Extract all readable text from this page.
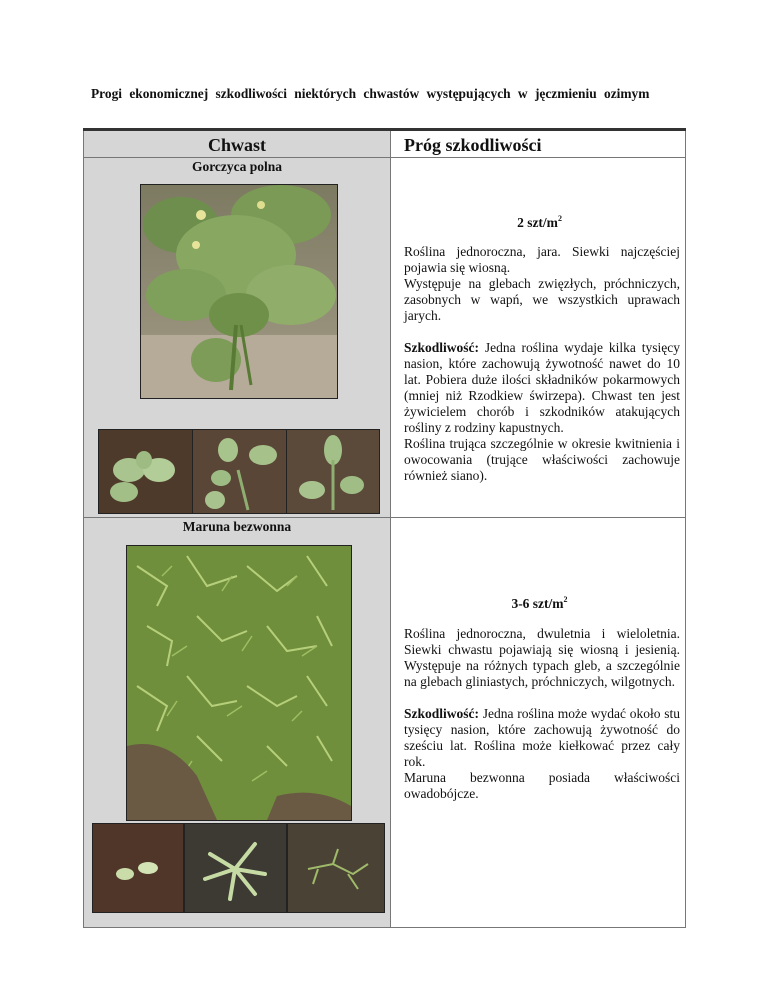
Progi ekonomicznej szkodliwości niektórych chwastów występujących w jęczmieniu ozimym
Chwast	Próg szkodliwości

Gorczyca polna	2 szt/$m^2$

Roślina jednoroczna, jara. Siewki najczęściej pojawia się wiosną.

Występuje na glebach zwięzłych, próchniczych, zasobnych w wapń, we wszystkich uprawach jarych.

Szkodliwość: Jedna roślina wydaje kilka tysięcy nasion, które zachowują żywotność nawet do 10 lat. Pobiera duże ilości składników pokarmowych (mniej niż Rzodkiew świrzepa). Chwast ten jest żywicielem chorób i szkodników atakujących rośliny z rodziny kapustnych.

Roślina trująca szczególnie w okresie kwitnienia i owocowania (trujące właściwości zachowuje również siano).

Maruna bezwonna	3-6 szt/$m^2$

Roślina jednoroczna, dwuletnia i wieloletnia. Siewki chwastu pojawiają się wiosną i jesienią. Występuje na różnych typach gleb, a szczególnie na glebach gliniastych, próchniczych, wilgotnych.

Szkodliwość: Jedna roślina może wydać około stu tysięcy nasion, które zachowują żywotność do sześciu lat. Roślina może kiełkować przez cały rok.

Maruna bezwonna posiada właściwości owadobójcze.
